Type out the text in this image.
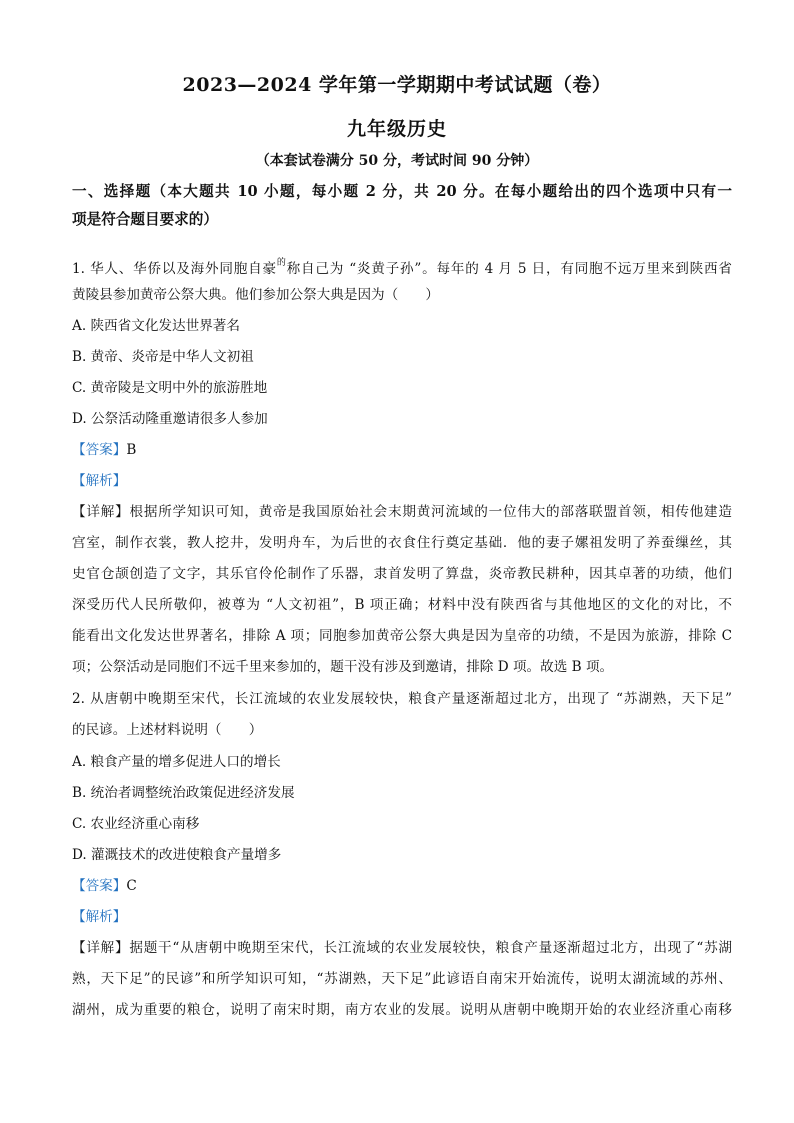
2023—2024 学年第一学期期中考试试题（卷）
九年级历史
（本套试卷满分 50 分，考试时间 90 分钟）
一、选择题（本大题共 10 小题，每小题 2 分，共 20 分。在每小题给出的四个选项中只有一
项是符合题目要求的）
1. 华人、华侨以及海外同胞自豪$^的$称自己为 “炎黄子孙”。每年的 4 月 5 日，有同胞不远万里来到陕西省
黄陵县参加黄帝公祭大典。他们参加公祭大典是因为（　　）
A. 陕西省文化发达世界著名
B. 黄帝、炎帝是中华人文初祖
C. 黄帝陵是文明中外的旅游胜地
D. 公祭活动隆重邀请很多人参加
【答案】B
【解析】
【详解】根据所学知识可知，黄帝是我国原始社会末期黄河流域的一位伟大的部落联盟首领，相传他建造
宫室，制作衣裳，教人挖井，发明舟车，为后世的衣食住行奠定基础．他的妻子嫘祖发明了养蚕缫丝，其
史官仓颉创造了文字，其乐官伶伦制作了乐器，隶首发明了算盘，炎帝教民耕种，因其卓著的功绩，他们
深受历代人民所敬仰，被尊为 “人文初祖”，B 项正确；材料中没有陕西省与其他地区的文化的对比，不
能看出文化发达世界著名，排除 A 项；同胞参加黄帝公祭大典是因为皇帝的功绩，不是因为旅游，排除 C
项；公祭活动是同胞们不远千里来参加的，题干没有涉及到邀请，排除 D 项。故选 B 项。
2. 从唐朝中晚期至宋代，长江流域的农业发展较快，粮食产量逐渐超过北方，出现了 “苏湖熟，天下足”
的民谚。上述材料说明（　　）
A. 粮食产量的增多促进人口的增长
B. 统治者调整统治政策促进经济发展
C. 农业经济重心南移
D. 灌溉技术的改进使粮食产量增多
【答案】C
【解析】
【详解】据题干“从唐朝中晚期至宋代，长江流域的农业发展较快，粮食产量逐渐超过北方，出现了“苏湖
熟，天下足”的民谚”和所学知识可知，“苏湖熟，天下足”此谚语自南宋开始流传，说明太湖流域的苏州、
湖州，成为重要的粮仓，说明了南宋时期，南方农业的发展。说明从唐朝中晚期开始的农业经济重心南移
